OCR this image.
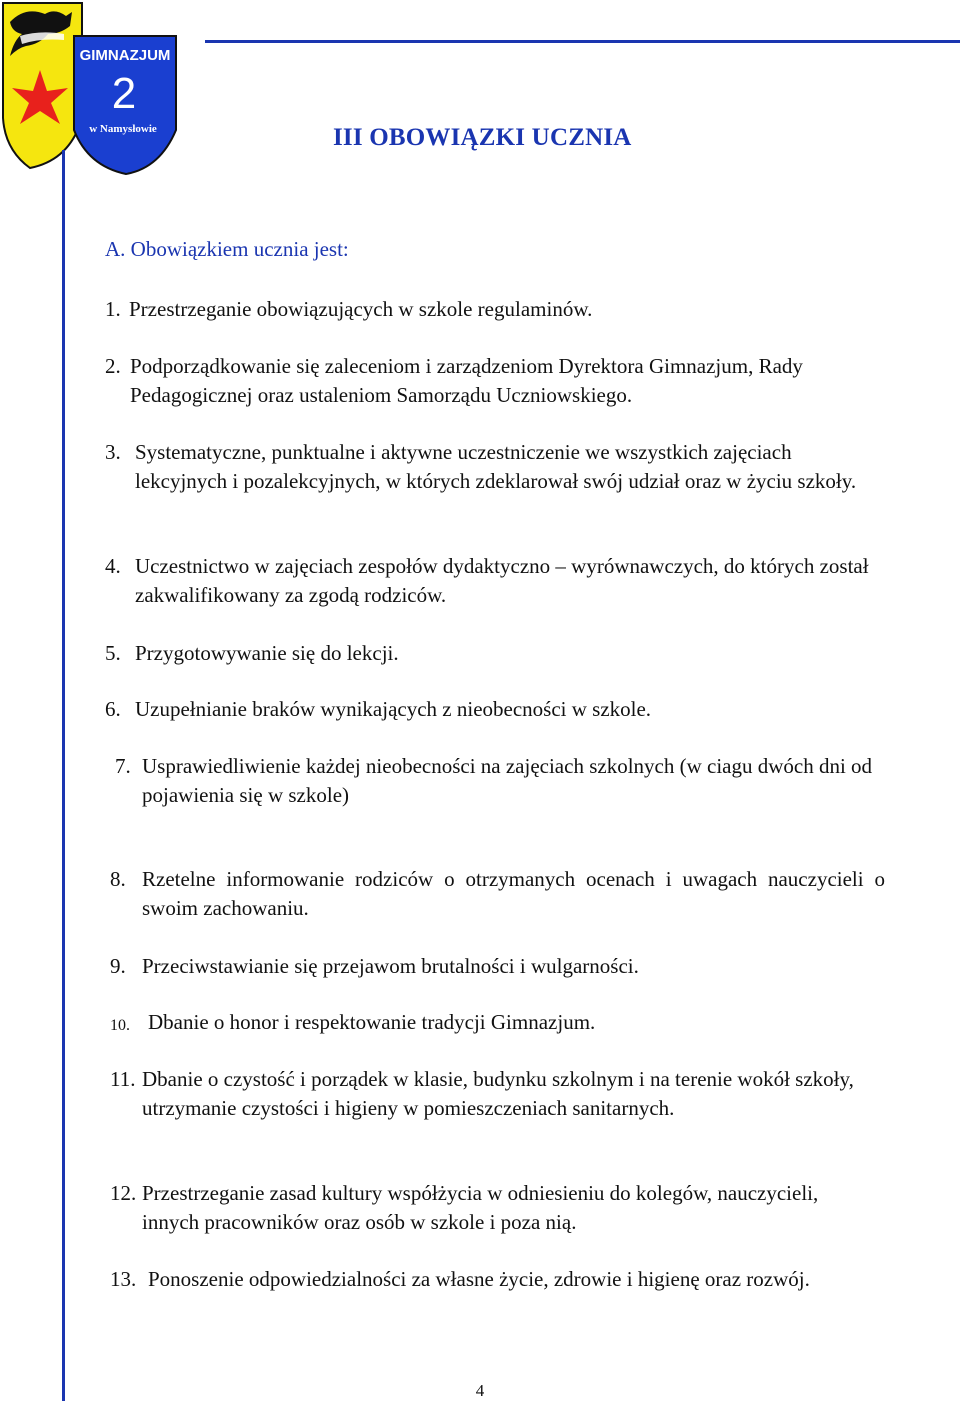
GIMNAZJUM
2
w Namysłowie	III OBOWIĄZKI UCZNIA

A. Obowiązkiem ucznia jest:

1. Przestrzeganie obowiązujących w szkole regulaminów.
2. Podporządkowanie się zaleceniom i zarządzeniom Dyrektora Gimnazjum, Rady Pedagogicznej oraz ustaleniom Samorządu Uczniowskiego.
3. Systematyczne, punktualne i aktywne uczestniczenie we wszystkich zajęciach lekcyjnych i pozalekcyjnych, w których zdeklarował swój udział oraz w życiu szkoły.
4. Uczestnictwo w zajęciach zespołów dydaktyczno – wyrównawczych, do których został zakwalifikowany za zgodą rodziców.
5. Przygotowywanie się do lekcji.
6. Uzupełnianie braków wynikających z nieobecności w szkole.
7. Usprawiedliwienie każdej nieobecności na zajęciach szkolnych (w ciagu dwóch dni od pojawienia się w szkole)
8. Rzetelne informowanie rodziców o otrzymanych ocenach i uwagach nauczycieli o swoim zachowaniu.
9. Przeciwstawianie się przejawom brutalności i wulgarności.
10. Dbanie o honor i respektowanie tradycji Gimnazjum.
11. Dbanie o czystość i porządek w klasie, budynku szkolnym i na terenie wokół szkoły, utrzymanie czystości i higieny w pomieszczeniach sanitarnych.
12. Przestrzeganie zasad kultury współżycia w odniesieniu do kolegów, nauczycieli, innych pracowników oraz osób w szkole i poza nią.
13. Ponoszenie odpowiedzialności za własne życie, zdrowie i higienę oraz rozwój.
4
